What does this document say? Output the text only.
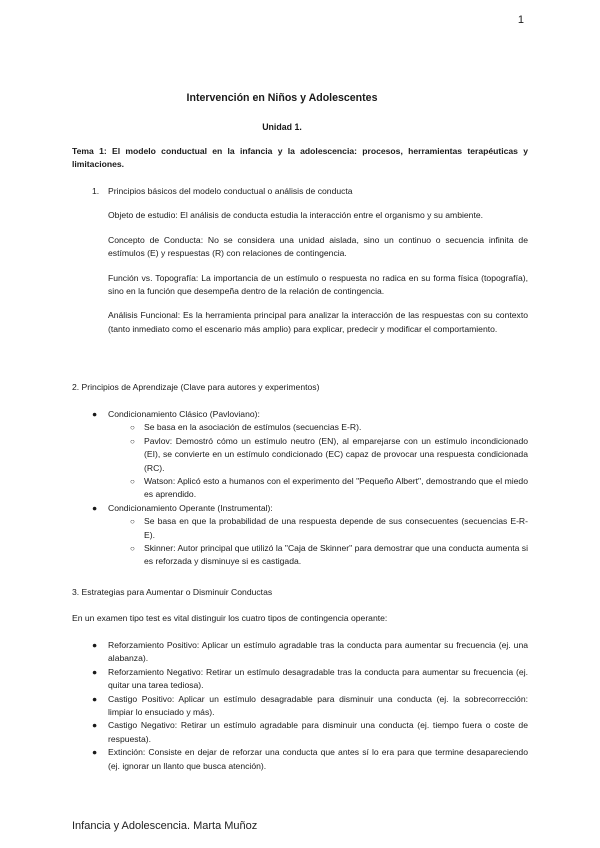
1
Intervención en Niños y Adolescentes
Unidad 1.
Tema 1: El modelo conductual en la infancia y la adolescencia: procesos, herramientas terapéuticas y limitaciones.

1. Principios básicos del modelo conductual o análisis de conducta

Objeto de estudio: El análisis de conducta estudia la interacción entre el organismo y su ambiente.

Concepto de Conducta: No se considera una unidad aislada, sino un continuo o secuencia infinita de estímulos (E) y respuestas (R) con relaciones de contingencia.

Función vs. Topografía: La importancia de un estímulo o respuesta no radica en su forma física (topografía), sino en la función que desempeña dentro de la relación de contingencia.

Análisis Funcional: Es la herramienta principal para analizar la interacción de las respuestas con su contexto (tanto inmediato como el escenario más amplio) para explicar, predecir y modificar el comportamiento.

2. Principios de Aprendizaje (Clave para autores y experimentos)
● Condicionamiento Clásico (Pavloviano):
○ Se basa en la asociación de estímulos (secuencias E-R).
○ Pavlov: Demostró cómo un estímulo neutro (EN), al emparejarse con un estímulo incondicionado (EI), se convierte en un estímulo condicionado (EC) capaz de provocar una respuesta condicionada (RC).
○ Watson: Aplicó esto a humanos con el experimento del "Pequeño Albert", demostrando que el miedo es aprendido.
● Condicionamiento Operante (Instrumental):
○ Se basa en que la probabilidad de una respuesta depende de sus consecuentes (secuencias E-R-E).
○ Skinner: Autor principal que utilizó la "Caja de Skinner" para demostrar que una conducta aumenta si es reforzada y disminuye si es castigada.
3. Estrategias para Aumentar o Disminuir Conductas
En un examen tipo test es vital distinguir los cuatro tipos de contingencia operante:
● Reforzamiento Positivo: Aplicar un estímulo agradable tras la conducta para aumentar su frecuencia (ej. una alabanza).
● Reforzamiento Negativo: Retirar un estímulo desagradable tras la conducta para aumentar su frecuencia (ej. quitar una tarea tediosa).
● Castigo Positivo: Aplicar un estímulo desagradable para disminuir una conducta (ej. la sobrecorrección: limpiar lo ensuciado y más).
● Castigo Negativo: Retirar un estímulo agradable para disminuir una conducta (ej. tiempo fuera o coste de respuesta).
● Extinción: Consiste en dejar de reforzar una conducta que antes sí lo era para que termine desapareciendo (ej. ignorar un llanto que busca atención).
Infancia y Adolescencia. Marta Muñoz
